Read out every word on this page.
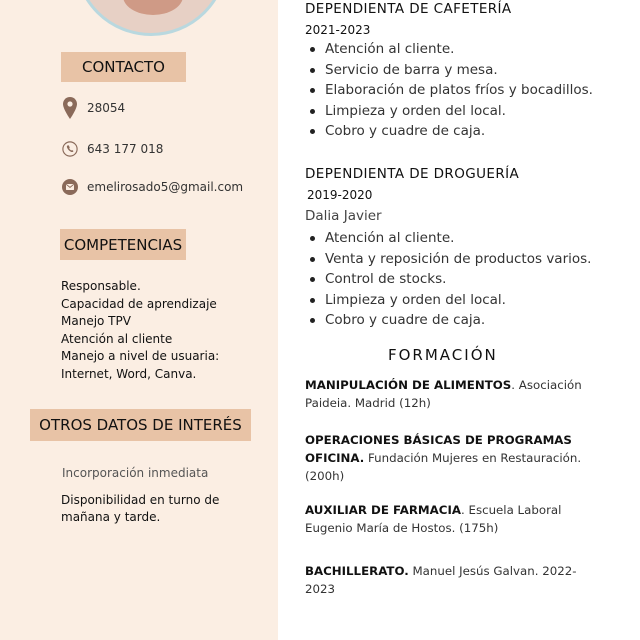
CONTACTO
28054
643 177 018
emelirosado5@gmail.com
COMPETENCIAS
Responsable.
Capacidad de aprendizaje
Manejo TPV
Atención al cliente
Manejo a nivel de usuaria:
Internet, Word, Canva.
OTROS DATOS DE INTERÉS
Incorporación inmediata
Disponibilidad en turno de mañana y tarde.
DEPENDIENTA DE CAFETERÍA
2021-2023
Atención al cliente.
Servicio de barra y mesa.
Elaboración de platos fríos y bocadillos.
Limpieza y orden del local.
Cobro y cuadre de caja.
DEPENDIENTA DE DROGUERÍA
2019-2020
Dalia Javier
Atención al cliente.
Venta y reposición de productos varios.
Control de stocks.
Limpieza y orden del local.
Cobro y cuadre de caja.
FORMACIÓN
MANIPULACIÓN DE ALIMENTOS. Asociación Paideia. Madrid (12h)
OPERACIONES BÁSICAS DE PROGRAMAS OFICINA. Fundación Mujeres en Restauración. (200h)
AUXILIAR DE FARMACIA. Escuela Laboral Eugenio María de Hostos. (175h)
BACHILLERATO. Manuel Jesús Galvan. 2022-2023
